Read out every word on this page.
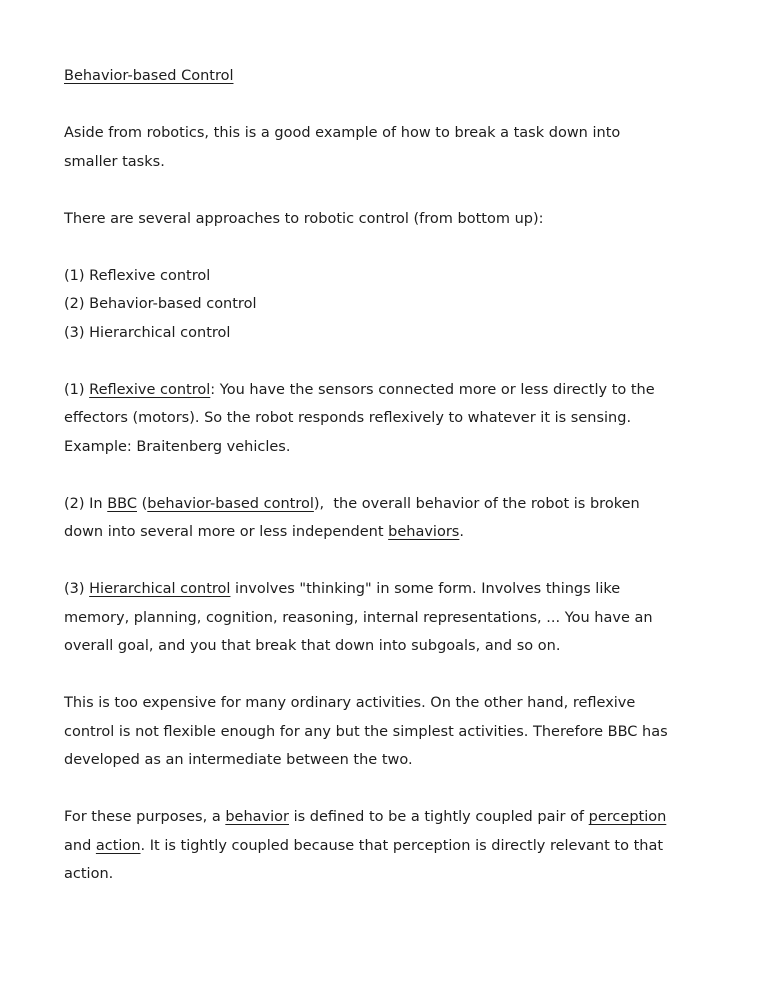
Behavior-based Control
Aside from robotics, this is a good example of how to break a task down into
smaller tasks.
There are several approaches to robotic control (from bottom up):
(1) Reflexive control
(2) Behavior-based control
(3) Hierarchical control
(1) Reflexive control: You have the sensors connected more or less directly to the
effectors (motors). So the robot responds reflexively to whatever it is sensing.
Example: Braitenberg vehicles.
(2) In BBC (behavior-based control),  the overall behavior of the robot is broken
down into several more or less independent behaviors.
(3) Hierarchical control involves "thinking" in some form. Involves things like
memory, planning, cognition, reasoning, internal representations, ... You have an
overall goal, and you that break that down into subgoals, and so on.
This is too expensive for many ordinary activities. On the other hand, reflexive
control is not flexible enough for any but the simplest activities. Therefore BBC has
developed as an intermediate between the two.
For these purposes, a behavior is defined to be a tightly coupled pair of perception
and action. It is tightly coupled because that perception is directly relevant to that
action.
